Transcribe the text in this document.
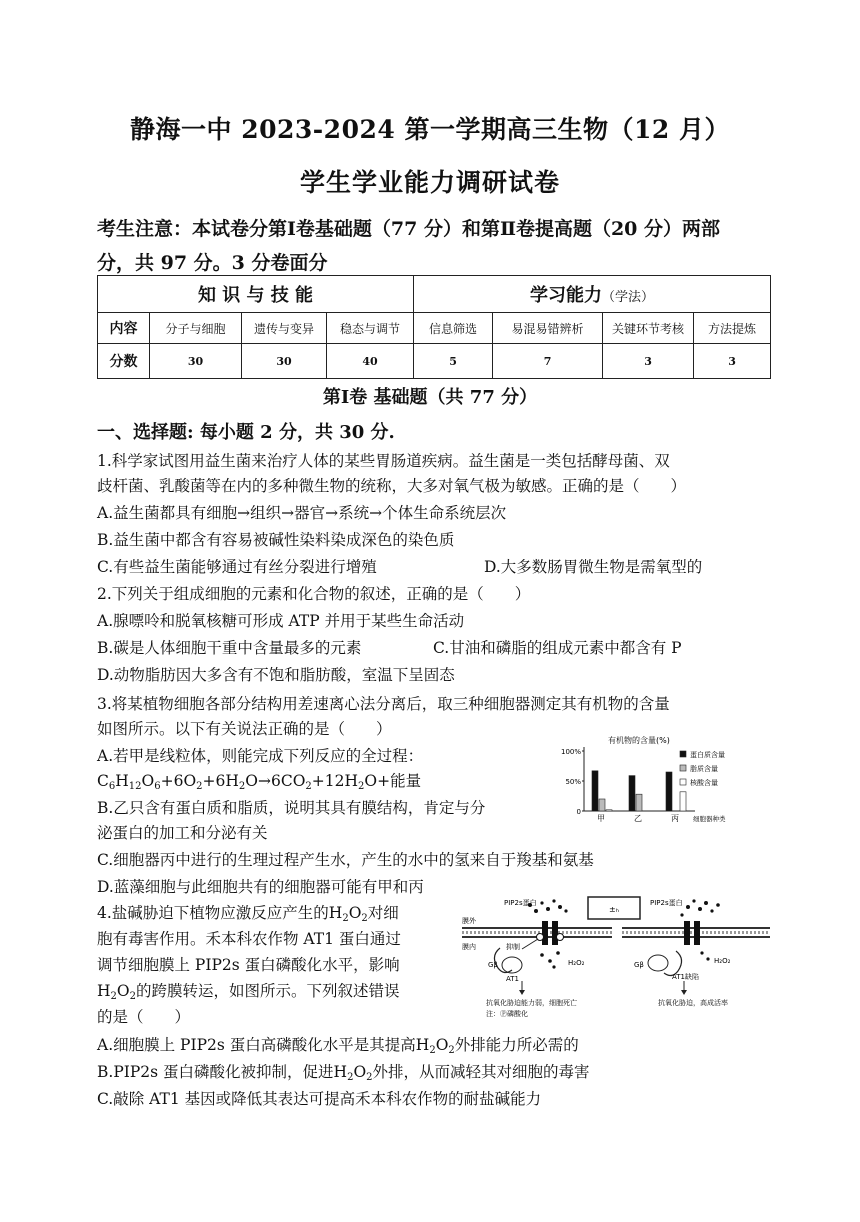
静海一中 2023-2024 第一学期高三生物（12 月）
学生学业能力调研试卷
考生注意：本试卷分第Ⅰ卷基础题（77 分）和第Ⅱ卷提高题（20 分）两部
分，共 97 分。3 分卷面分
知 识 与 技 能				学习能力（学法）			
内容	分子与细胞	遗传与变异	稳态与调节	信息筛选	易混易错辨析	关键环节考核	方法提炼
分数	30	30	40	5	7	3	3
第Ⅰ卷 基础题（共 77 分）
一、选择题: 每小题 2 分，共 30 分.
1.科学家试图用益生菌来治疗人体的某些胃肠道疾病。益生菌是一类包括酵母菌、双
歧杆菌、乳酸菌等在内的多种微生物的统称，大多对氧气极为敏感。正确的是（　　）
A.益生菌都具有细胞→组织→器官→系统→个体生命系统层次
B.益生菌中都含有容易被碱性染料染成深色的染色质
C.有些益生菌能够通过有丝分裂进行增殖	D.大多数肠胃微生物是需氧型的
2.下列关于组成细胞的元素和化合物的叙述，正确的是（　　）
A.腺嘌呤和脱氧核糖可形成 ATP 并用于某些生命活动
B.碳是人体细胞干重中含量最多的元素	C.甘油和磷脂的组成元素中都含有 P
D.动物脂肪因大多含有不饱和脂肪酸，室温下呈固态
3.将某植物细胞各部分结构用差速离心法分离后，取三种细胞器测定其有机物的含量
如图所示。以下有关说法正确的是（　　）
A.若甲是线粒体，则能完成下列反应的全过程：
$C_6H_{12}O_6+6O_2+6H_2O\to 6CO_2+12H_2O+$能量
B.乙只含有蛋白质和脂质，说明其具有膜结构，肯定与分
泌蛋白的加工和分泌有关
C.细胞器丙中进行的生理过程产生水，产生的水中的氢来自于羧基和氨基
D.蓝藻细胞与此细胞共有的细胞器可能有甲和丙
有机物的含量(%)
100%
50%
0
甲	乙	丙 细胞器种类
蛋白质含量
脂质含量
核酸含量
4.盐碱胁迫下植物应激反应产生的$H_2O_2$对细
胞有毒害作用。禾本科农作物 AT1 蛋白通过
调节细胞膜上 PIP2s 蛋白磷酸化水平，影响
$H_2O_2$的跨膜转运，如图所示。下列叙述错误
的是（　　）
A.细胞膜上 PIP2s 蛋白高磷酸化水平是其提高$H_2O_2$外排能力所必需的
B.PIP2s 蛋白磷酸化被抑制，促进$H_2O_2$外排，从而减轻其对细胞的毒害
C.敲除 AT1 基因或降低其表达可提高禾本科农作物的耐盐碱能力
±ₕ
PIP2s蛋白	PIP2s蛋白
膜外
膜内	抑制
Gβ	Gβ
AT1	AT1缺陷
H₂O₂	H₂O₂
抗氧化胁迫能力弱，细胞死亡
注：Ⓟ磷酸化
抗氧化胁迫，高成活率
